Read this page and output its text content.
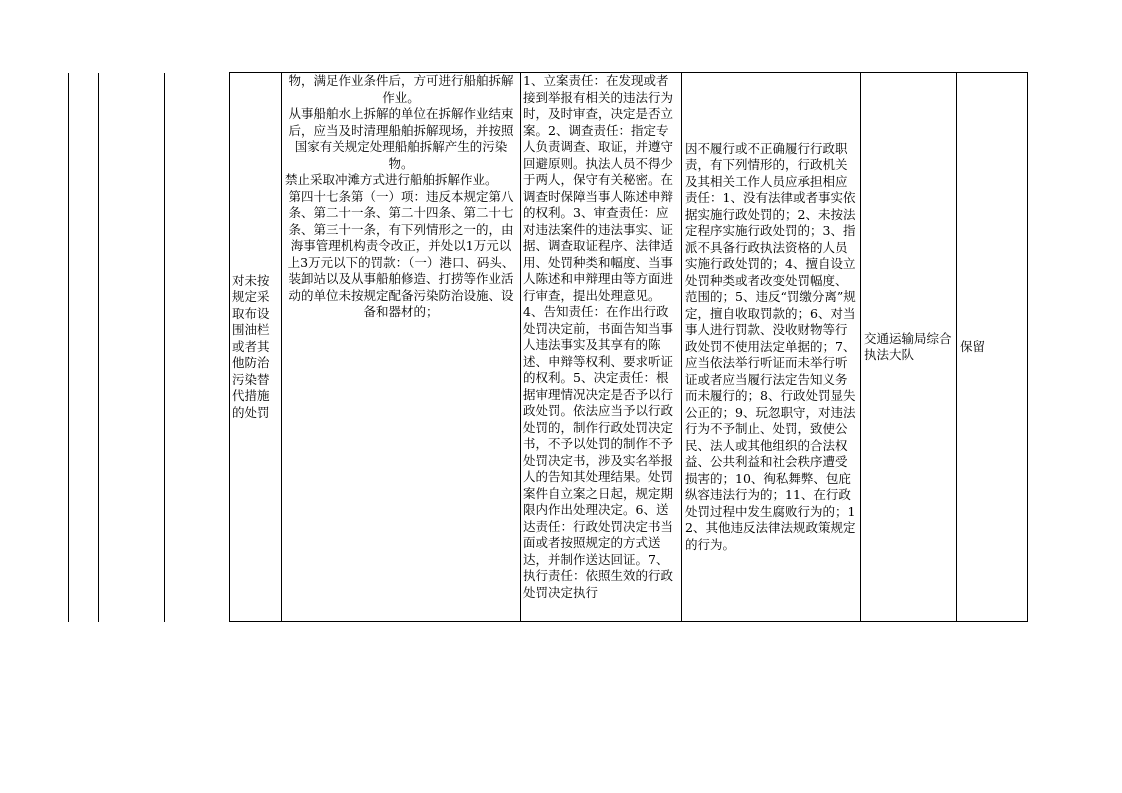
对未按规定采取布设围油栏或者其他防治污染替代措施的处罚

物，满足作业条件后，方可进行船舶拆解作业。

从事船舶水上拆解的单位在拆解作业结束后，应当及时清理船舶拆解现场，并按照国家有关规定处理船舶拆解产生的污染物。

禁止采取冲滩方式进行船舶拆解作业。

第四十七条第（一）项：违反本规定第八条、第二十一条、第二十四条、第二十七条、第三十一条，有下列情形之一的，由海事管理机构责令改正，并处以1万元以上3万元以下的罚款：（一）港口、码头、装卸站以及从事船舶修造、打捞等作业活动的单位未按规定配备污染防治设施、设备和器材的；

1、立案责任：在发现或者接到举报有相关的违法行为时，及时审查，决定是否立案。2、调查责任：指定专人负责调查、取证，并遵守回避原则。执法人员不得少于两人，保守有关秘密。在调查时保障当事人陈述申辩的权利。3、审查责任：应对违法案件的违法事实、证据、调查取证程序、法律适用、处罚种类和幅度、当事人陈述和申辩理由等方面进行审查，提出处理意见。4、告知责任：在作出行政处罚决定前，书面告知当事人违法事实及其享有的陈述、申辩等权利、要求听证的权利。5、决定责任：根据审理情况决定是否予以行政处罚。依法应当予以行政处罚的，制作行政处罚决定书，不予以处罚的制作不予处罚决定书，涉及实名举报人的告知其处理结果。处罚案件自立案之日起，规定期限内作出处理决定。6、送达责任：行政处罚决定书当面或者按照规定的方式送达，并制作送达回证。7、执行责任：依照生效的行政处罚决定执行
因不履行或不正确履行行政职责，有下列情形的，行政机关及其相关工作人员应承担相应责任：1、没有法律或者事实依据实施行政处罚的；2、未按法定程序实施行政处罚的；3、指派不具备行政执法资格的人员实施行政处罚的；4、擅自设立处罚种类或者改变处罚幅度、范围的；5、违反“罚缴分离”规定，擅自收取罚款的；6、对当事人进行罚款、没收财物等行政处罚不使用法定单据的；7、应当依法举行听证而未举行听证或者应当履行法定告知义务而未履行的；8、行政处罚显失公正的；9、玩忽职守，对违法行为不予制止、处罚，致使公民、法人或其他组织的合法权益、公共利益和社会秩序遭受损害的；10、徇私舞弊、包庇纵容违法行为的；11、在行政处罚过程中发生腐败行为的；12、其他违反法律法规政策规定的行为。
交通运输局综合执法大队
保留
